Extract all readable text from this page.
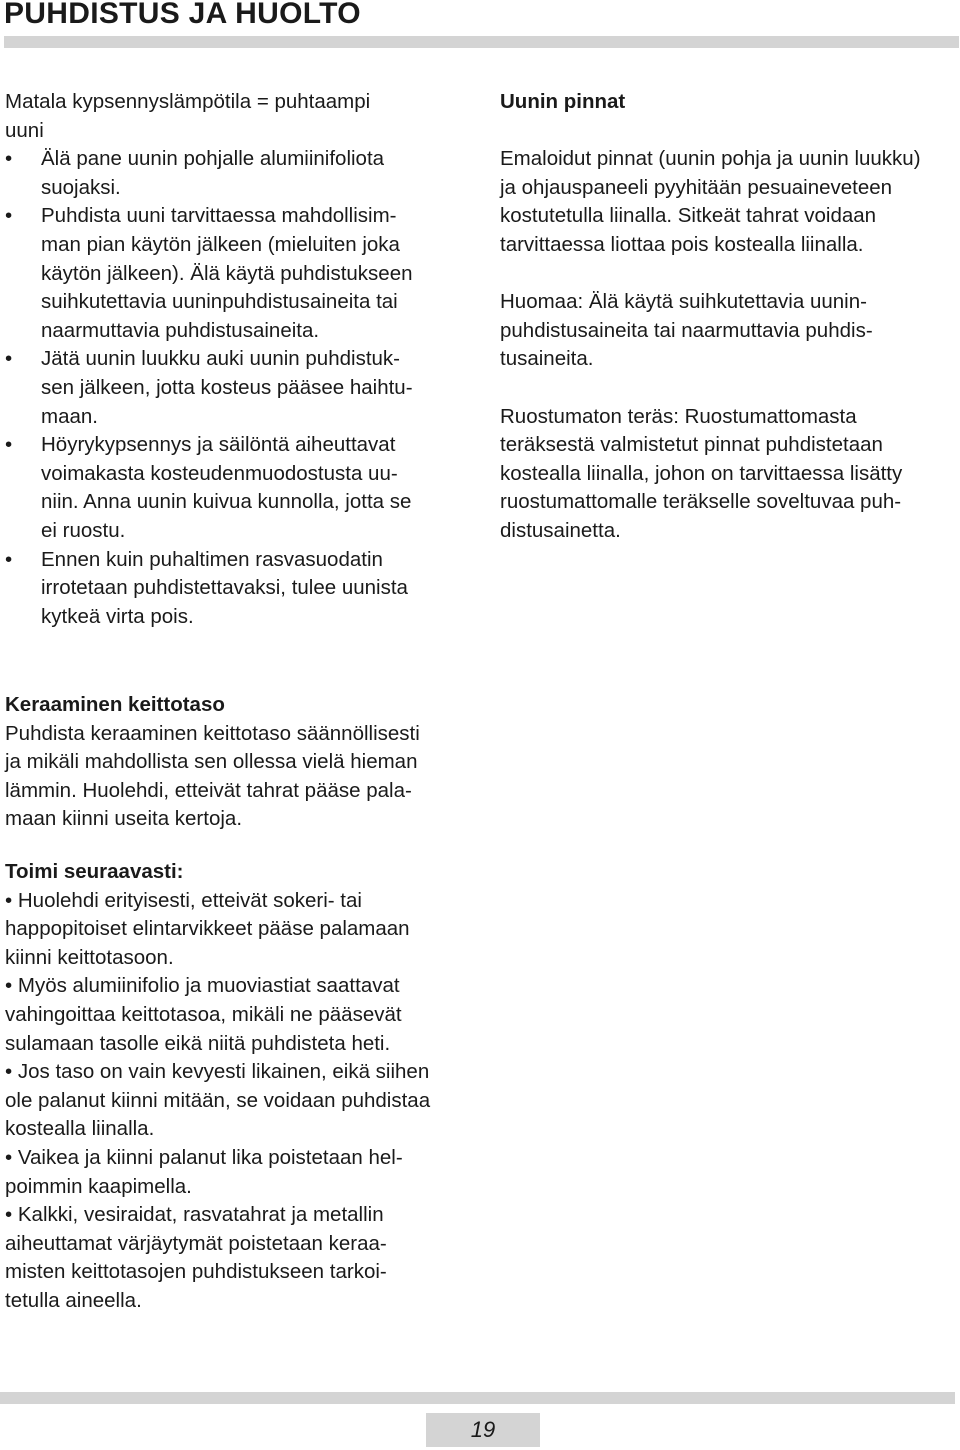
PUHDISTUS JA HUOLTO
Matala kypsennyslämpötila = puhtaampi
uuni
• Älä pane uunin pohjalle alumiinifoliota
suojaksi.
• Puhdista uuni tarvittaessa mahdollisim-
man pian käytön jälkeen (mieluiten joka
käytön jälkeen). Älä käytä puhdistukseen
suihkutettavia uuninpuhdistusaineita tai
naarmuttavia puhdistusaineita.
• Jätä uunin luukku auki uunin puhdistuk-
sen jälkeen, jotta kosteus pääsee haihtu-
maan.
• Höyrykypsennys ja säilöntä aiheuttavat
voimakasta kosteudenmuodostusta uu-
niin. Anna uunin kuivua kunnolla, jotta se
ei ruostu.
• Ennen kuin puhaltimen rasvasuodatin
irrotetaan puhdistettavaksi, tulee uunista
kytkeä virta pois.
Uunin pinnat
Emaloidut pinnat (uunin pohja ja uunin luukku)
ja ohjauspaneeli pyyhitään pesuaineveteen
kostutetulla liinalla. Sitkeät tahrat voidaan
tarvittaessa liottaa pois kostealla liinalla.
Huomaa: Älä käytä suihkutettavia uunin-
puhdistusaineita tai naarmuttavia puhdis-
tusaineita.
Ruostumaton teräs: Ruostumattomasta
teräksestä valmistetut pinnat puhdistetaan
kostealla liinalla, johon on tarvittaessa lisätty
ruostumattomalle teräkselle soveltuvaa puh-
distusainetta.
Keraaminen keittotaso
Puhdista keraaminen keittotaso säännöllisesti
ja mikäli mahdollista sen ollessa vielä hieman
lämmin. Huolehdi, etteivät tahrat pääse pala-
maan kiinni useita kertoja.
Toimi seuraavasti:
• Huolehdi erityisesti, etteivät sokeri- tai
happopitoiset elintarvikkeet pääse palamaan
kiinni keittotasoon.
• Myös alumiinifolio ja muoviastiat saattavat
vahingoittaa keittotasoa, mikäli ne pääsevät
sulamaan tasolle eikä niitä puhdisteta heti.
• Jos taso on vain kevyesti likainen, eikä siihen
ole palanut kiinni mitään, se voidaan puhdistaa
kostealla liinalla.
• Vaikea ja kiinni palanut lika poistetaan hel-
poimmin kaapimella.
• Kalkki, vesiraidat, rasvatahrat ja metallin
aiheuttamat värjäytymät poistetaan keraa-
misten keittotasojen puhdistukseen tarkoi-
tetulla aineella.
19
